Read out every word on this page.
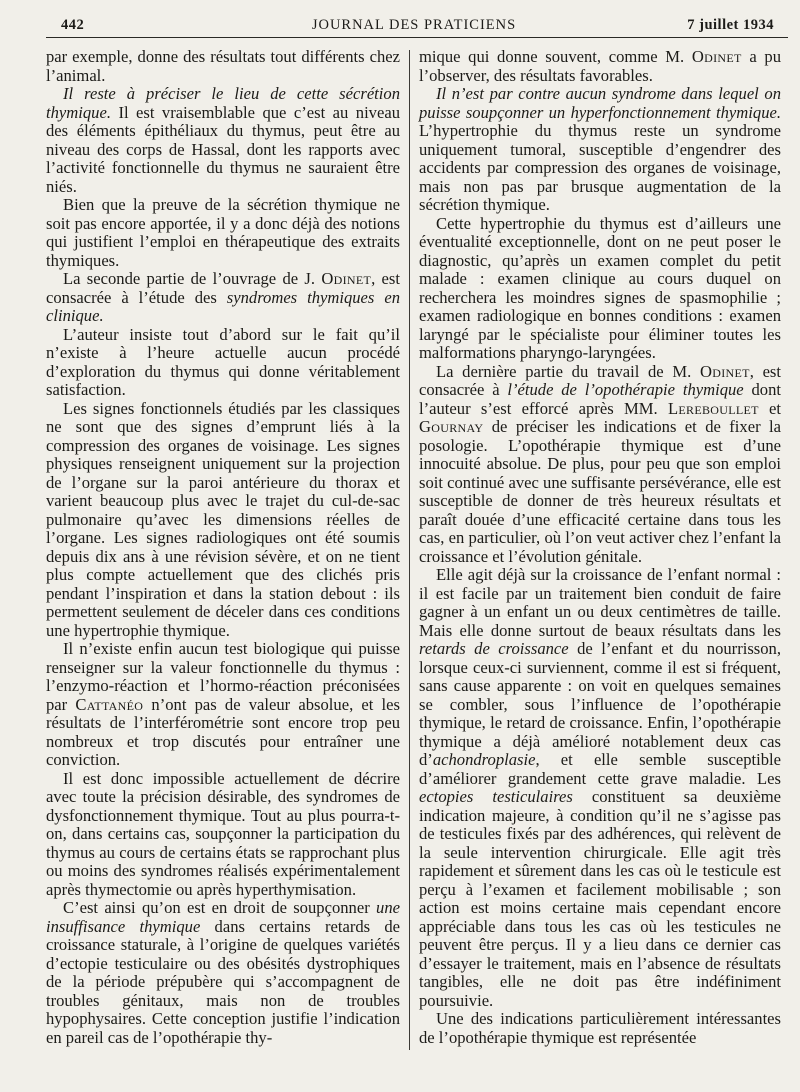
442	JOURNAL DES PRATICIENS	7 juillet 1934

par exemple, donne des résultats tout différents chez l’animal.

Il reste à préciser le lieu de cette sécrétion thymique. Il est vraisemblable que c’est au niveau des éléments épithéliaux du thymus, peut être au niveau des corps de Hassal, dont les rapports avec l’activité fonctionnelle du thymus ne sauraient être niés.

Bien que la preuve de la sécrétion thymique ne soit pas encore apportée, il y a donc déjà des notions qui justifient l’emploi en thérapeutique des extraits thymiques.

La seconde partie de l’ouvrage de J. Odinet, est consacrée à l’étude des syndromes thymiques en clinique.

L’auteur insiste tout d’abord sur le fait qu’il n’existe à l’heure actuelle aucun procédé d’exploration du thymus qui donne véritablement satisfaction.

Les signes fonctionnels étudiés par les classiques ne sont que des signes d’emprunt liés à la compression des organes de voisinage. Les signes physiques renseignent uniquement sur la projection de l’organe sur la paroi antérieure du thorax et varient beaucoup plus avec le trajet du cul-de-sac pulmonaire qu’avec les dimensions réelles de l’organe. Les signes radiologiques ont été soumis depuis dix ans à une révision sévère, et on ne tient plus compte actuellement que des clichés pris pendant l’inspiration et dans la station debout : ils permettent seulement de déceler dans ces conditions une hypertrophie thymique.

Il n’existe enfin aucun test biologique qui puisse renseigner sur la valeur fonctionnelle du thymus : l’enzymo-réaction et l’hormo-réaction préconisées par Cattanéo n’ont pas de valeur absolue, et les résultats de l’interférométrie sont encore trop peu nombreux et trop discutés pour entraîner une conviction.

Il est donc impossible actuellement de décrire avec toute la précision désirable, des syndromes de dysfonctionnement thymique. Tout au plus pourra-t-on, dans certains cas, soupçonner la participation du thymus au cours de certains états se rapprochant plus ou moins des syndromes réalisés expérimentalement après thymectomie ou après hyperthymisation.

C’est ainsi qu’on est en droit de soupçonner une insuffisance thymique dans certains retards de croissance staturale, à l’origine de quelques variétés d’ectopie testiculaire ou des obésités dystrophiques de la période prépubère qui s’accompagnent de troubles génitaux, mais non de troubles hypophysaires. Cette conception justifie l’indication en pareil cas de l’opothérapie thy-

mique qui donne souvent, comme M. Odinet a pu l’observer, des résultats favorables.

Il n’est par contre aucun syndrome dans lequel on puisse soupçonner un hyperfonctionnement thymique. L’hypertrophie du thymus reste un syndrome uniquement tumoral, susceptible d’engendrer des accidents par compression des organes de voisinage, mais non pas par brusque augmentation de la sécrétion thymique.

Cette hypertrophie du thymus est d’ailleurs une éventualité exceptionnelle, dont on ne peut poser le diagnostic, qu’après un examen complet du petit malade : examen clinique au cours duquel on recherchera les moindres signes de spasmophilie ; examen radiologique en bonnes conditions : examen laryngé par le spécialiste pour éliminer toutes les malformations pharyngo-laryngées.

La dernière partie du travail de M. Odinet, est consacrée à l’étude de l’opothérapie thymique dont l’auteur s’est efforcé après MM. Lereboullet et Gournay de préciser les indications et de fixer la posologie. L’opothérapie thymique est d’une innocuité absolue. De plus, pour peu que son emploi soit continué avec une suffisante persévérance, elle est susceptible de donner de très heureux résultats et paraît douée d’une efficacité certaine dans tous les cas, en particulier, où l’on veut activer chez l’enfant la croissance et l’évolution génitale.

Elle agit déjà sur la croissance de l’enfant normal : il est facile par un traitement bien conduit de faire gagner à un enfant un ou deux centimètres de taille. Mais elle donne surtout de beaux résultats dans les retards de croissance de l’enfant et du nourrisson, lorsque ceux-ci surviennent, comme il est si fréquent, sans cause apparente : on voit en quelques semaines se combler, sous l’influence de l’opothérapie thymique, le retard de croissance. Enfin, l’opothérapie thymique a déjà amélioré notablement deux cas d’achondroplasie, et elle semble susceptible d’améliorer grandement cette grave maladie. Les ectopies testiculaires constituent sa deuxième indication majeure, à condition qu’il ne s’agisse pas de testicules fixés par des adhérences, qui relèvent de la seule intervention chirurgicale. Elle agit très rapidement et sûrement dans les cas où le testicule est perçu à l’examen et facilement mobilisable ; son action est moins certaine mais cependant encore appréciable dans tous les cas où les testicules ne peuvent être perçus. Il y a lieu dans ce dernier cas d’essayer le traitement, mais en l’absence de résultats tangibles, elle ne doit pas être indéfiniment poursuivie.

Une des indications particulièrement intéressantes de l’opothérapie thymique est représentée
